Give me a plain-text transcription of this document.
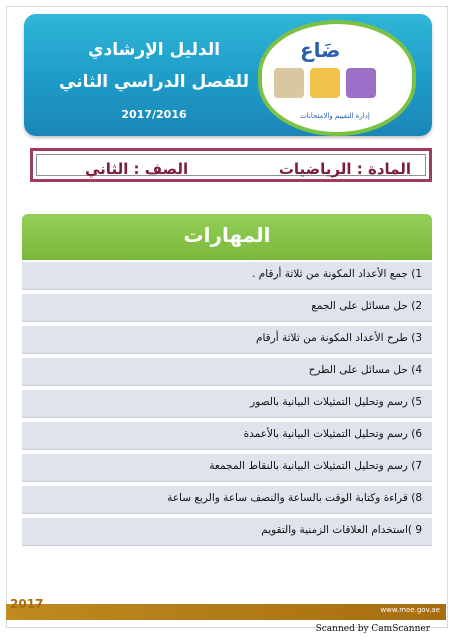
الدليل الإرشادي
للفصل الدراسي الثاني
2017/2016
ضَاع
إدارة التقييم والامتحانات
المادة : الرياضيات
الصف : الثاني
المهارات
1) جمع الأعداد المكونة من ثلاثة أرقام .
2) حل مسائل على الجمع
3) طرح الأعداد المكونة من ثلاثة أرقام
4) حل مسائل على الطرح
5) رسم وتحليل التمثيلات البيانية بالصور
6) رسم وتحليل التمثيلات البيانية بالأعمدة
7) رسم وتحليل التمثيلات البيانية بالنقاط المجمعة
8) قراءة وكتابة الوقت بالساعة والنصف ساعة والربع ساعة
9 )استخدام العلاقات الزمنية والتقويم
2017	www.moe.gov.ae
Scanned by CamScanner
